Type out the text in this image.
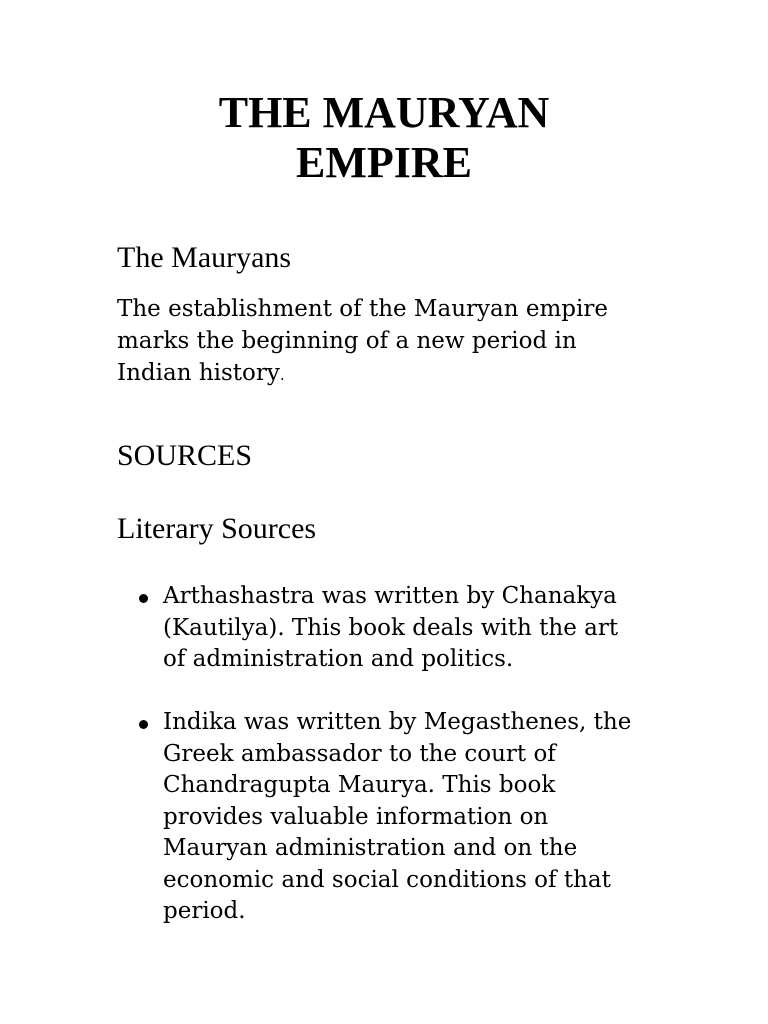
THE MAURYAN
EMPIRE
The Mauryans

The establishment of the Mauryan empire
marks the beginning of a new period in
Indian history.

SOURCES
Literary Sources
Arthashastra was written by Chanakya
(Kautilya). This book deals with the art
of administration and politics.
Indika was written by Megasthenes, the
Greek ambassador to the court of
Chandragupta Maurya. This book
provides valuable information on
Mauryan administration and on the
economic and social conditions of that
period.
